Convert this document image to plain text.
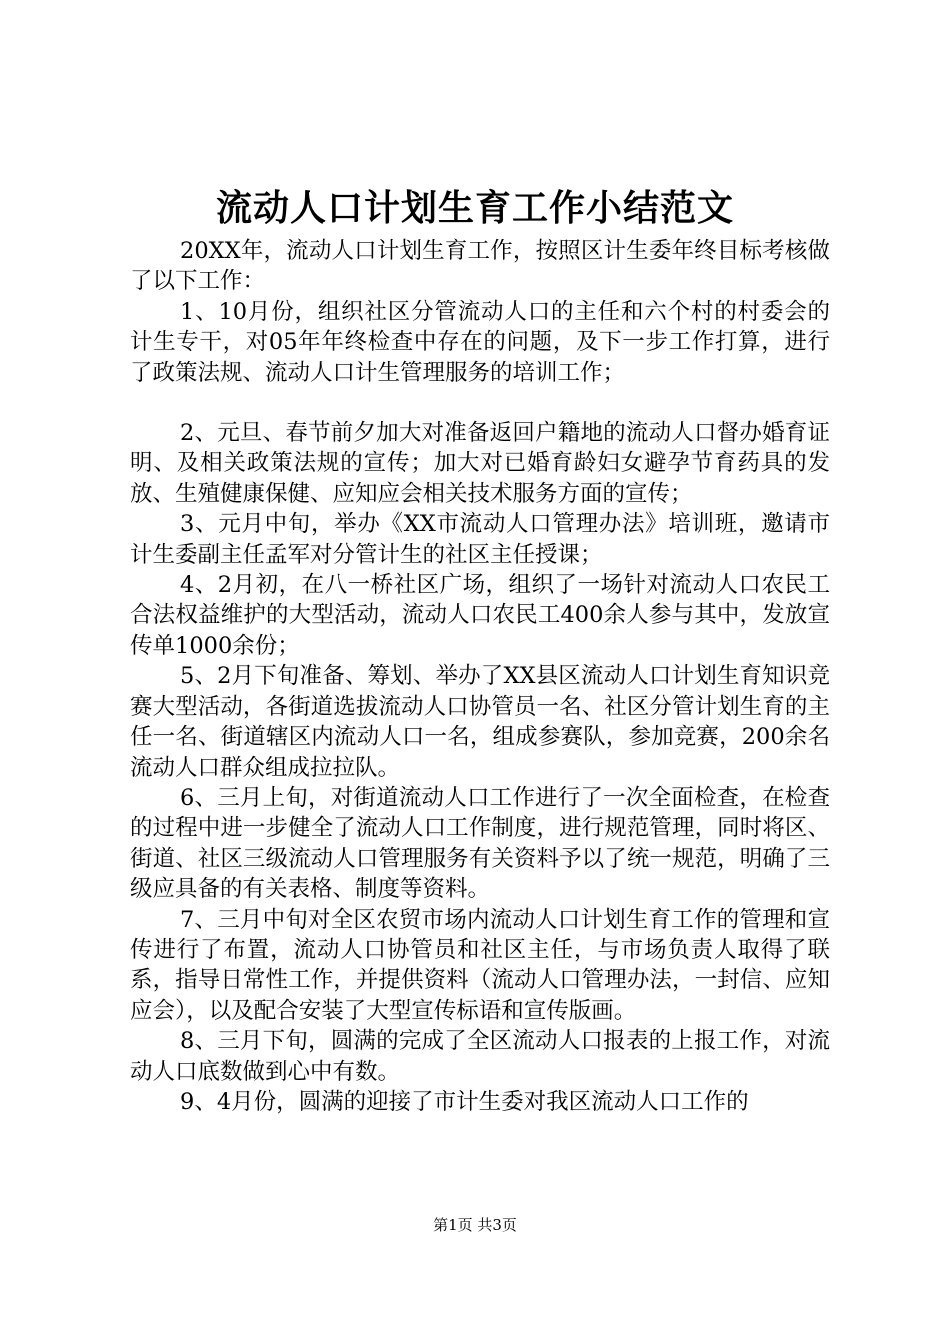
流动人口计划生育工作小结范文

20XX年，流动人口计划生育工作，按照区计生委年终目标考核做了以下工作：

1、10月份，组织社区分管流动人口的主任和六个村的村委会的计生专干，对05年年终检查中存在的问题，及下一步工作打算，进行了政策法规、流动人口计生管理服务的培训工作；

2、元旦、春节前夕加大对准备返回户籍地的流动人口督办婚育证明、及相关政策法规的宣传；加大对已婚育龄妇女避孕节育药具的发放、生殖健康保健、应知应会相关技术服务方面的宣传；

3、元月中旬，举办《XX市流动人口管理办法》培训班，邀请市计生委副主任孟军对分管计生的社区主任授课；

4、2月初，在八一桥社区广场，组织了一场针对流动人口农民工合法权益维护的大型活动，流动人口农民工400余人参与其中，发放宣传单1000余份；

5、2月下旬准备、筹划、举办了XX县区流动人口计划生育知识竞赛大型活动，各街道选拔流动人口协管员一名、社区分管计划生育的主任一名、街道辖区内流动人口一名，组成参赛队，参加竞赛，200余名流动人口群众组成拉拉队。

6、三月上旬，对街道流动人口工作进行了一次全面检查，在检查的过程中进一步健全了流动人口工作制度，进行规范管理，同时将区、街道、社区三级流动人口管理服务有关资料予以了统一规范，明确了三级应具备的有关表格、制度等资料。

7、三月中旬对全区农贸市场内流动人口计划生育工作的管理和宣传进行了布置，流动人口协管员和社区主任，与市场负责人取得了联系，指导日常性工作，并提供资料（流动人口管理办法，一封信、应知应会），以及配合安装了大型宣传标语和宣传版画。

8、三月下旬，圆满的完成了全区流动人口报表的上报工作，对流动人口底数做到心中有数。

9、4月份，圆满的迎接了市计生委对我区流动人口工作的

第1页 共3页
